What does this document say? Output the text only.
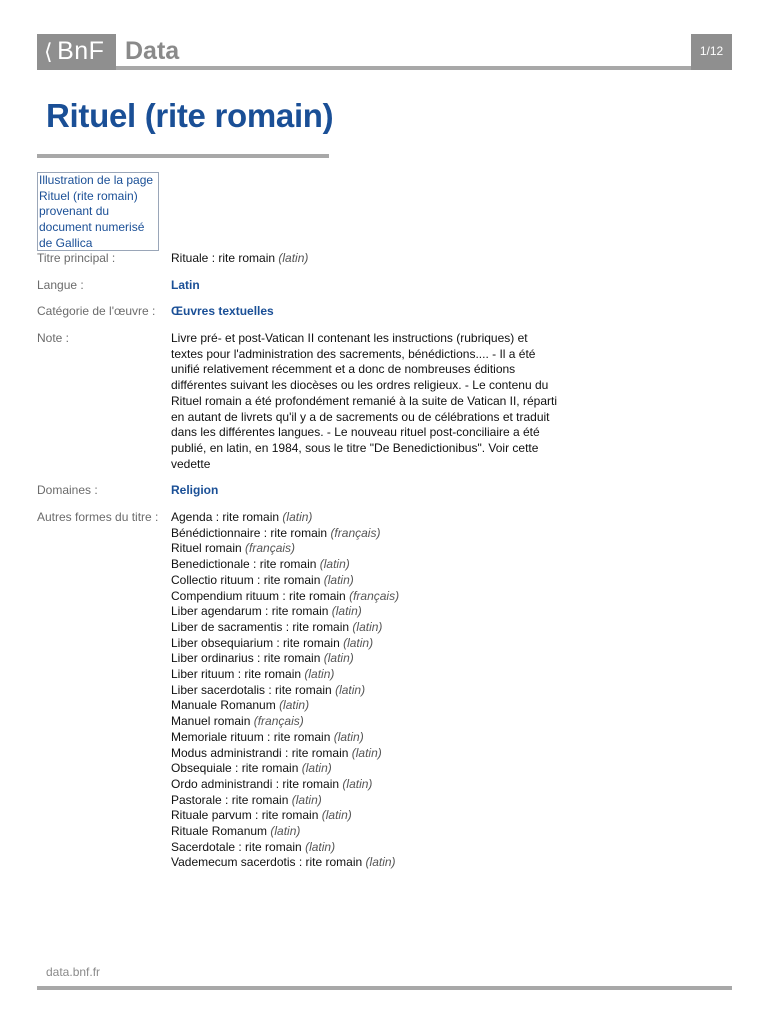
⟨ BnF Data	1/12
Rituel (rite romain)
Illustration de la page Rituel (rite romain) provenant du document numerisé de Gallica
Titre principal :	Rituale : rite romain (latin)
Langue :	Latin
Catégorie de l'œuvre :	Œuvres textuelles
Note :	Livre pré- et post-Vatican II contenant les instructions (rubriques) et textes pour l'administration des sacrements, bénédictions.... - Il a été unifié relativement récemment et a donc de nombreuses éditions différentes suivant les diocèses ou les ordres religieux. - Le contenu du Rituel romain a été profondément remanié à la suite de Vatican II, réparti en autant de livrets qu'il y a de sacrements ou de célébrations et traduit dans les différentes langues. - Le nouveau rituel post-conciliaire a été publié, en latin, en 1984, sous le titre "De Benedictionibus". Voir cette vedette
Domaines :	Religion
Autres formes du titre :	Agenda : rite romain (latin)
Bénédictionnaire : rite romain (français)
Rituel romain (français)
Benedictionale : rite romain (latin)
Collectio rituum : rite romain (latin)
Compendium rituum : rite romain (français)
Liber agendarum : rite romain (latin)
Liber de sacramentis : rite romain (latin)
Liber obsequiarium : rite romain (latin)
Liber ordinarius : rite romain (latin)
Liber rituum : rite romain (latin)
Liber sacerdotalis : rite romain (latin)
Manuale Romanum (latin)
Manuel romain (français)
Memoriale rituum : rite romain (latin)
Modus administrandi : rite romain (latin)
Obsequiale : rite romain (latin)
Ordo administrandi : rite romain (latin)
Pastorale : rite romain (latin)
Rituale parvum : rite romain (latin)
Rituale Romanum (latin)
Sacerdotale : rite romain (latin)
Vademecum sacerdotis : rite romain (latin)
data.bnf.fr
